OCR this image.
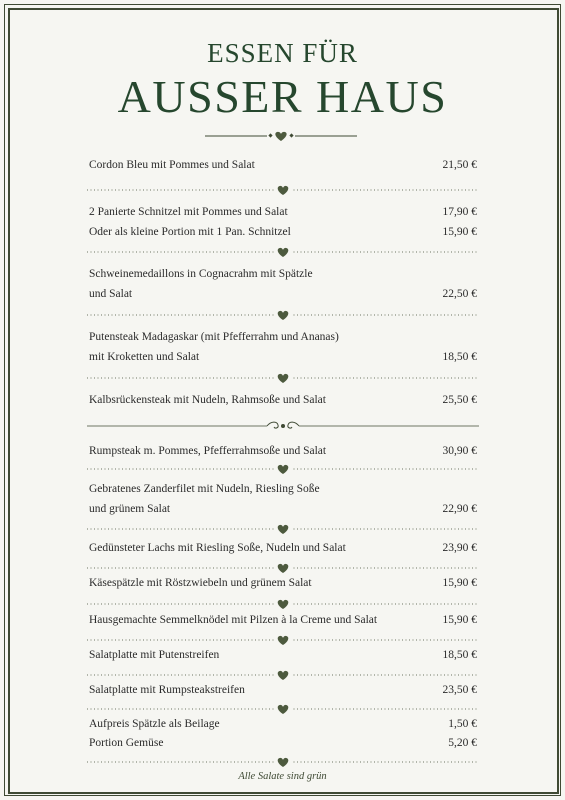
ESSEN FÜR
AUSSER HAUS
Cordon Bleu mit Pommes und Salat	21,50 €
2 Panierte Schnitzel mit Pommes und Salat	17,90 €
Oder als kleine Portion mit 1 Pan. Schnitzel	15,90 €
Schweinemedaillons in Cognacrahm mit Spätzle
und Salat	22,50 €
Putensteak Madagaskar (mit Pfefferrahm und Ananas)
mit Kroketten und Salat	18,50 €
Kalbsrückensteak mit Nudeln, Rahmsoße und Salat	25,50 €
Rumpsteak m. Pommes, Pfefferrahmsoße und Salat	30,90 €
Gebratenes Zanderfilet mit Nudeln, Riesling Soße
und grünem Salat	22,90 €
Gedünsteter Lachs mit Riesling Soße, Nudeln und Salat	23,90 €
Käsespätzle mit Röstzwiebeln und grünem Salat	15,90 €
Hausgemachte Semmelknödel mit Pilzen à la Creme und Salat	15,90 €
Salatplatte mit Putenstreifen	18,50 €
Salatplatte mit Rumpsteakstreifen	23,50 €
Aufpreis Spätzle als Beilage	1,50 €
Portion Gemüse	5,20 €
Alle Salate sind grün
